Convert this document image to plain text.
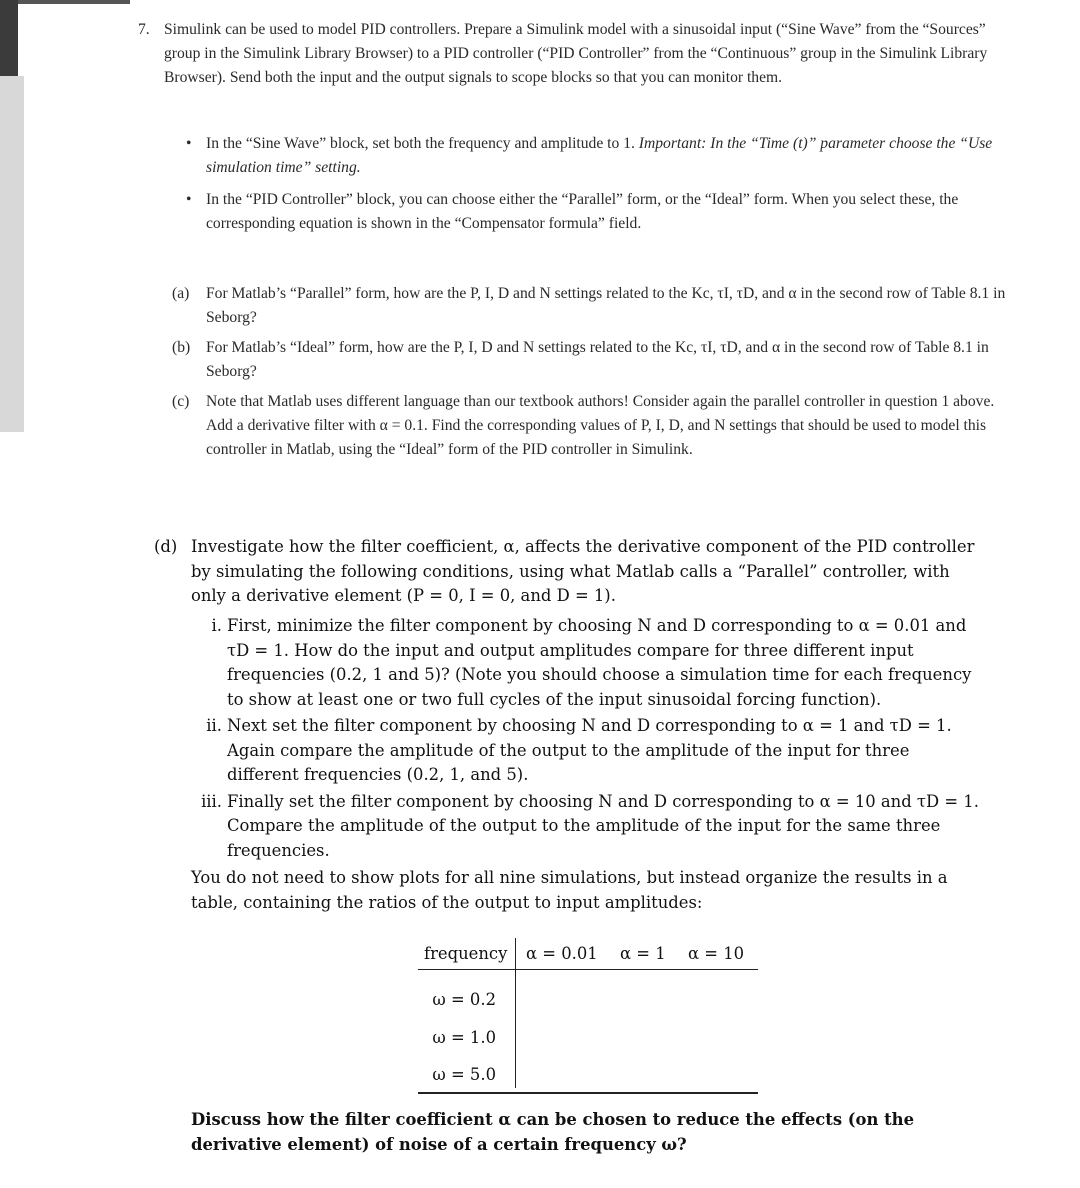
7. Simulink can be used to model PID controllers. Prepare a Simulink model with a sinusoidal input (“Sine Wave” from the “Sources” group in the Simulink Library Browser) to a PID controller (“PID Controller” from the “Continuous” group in the Simulink Library Browser). Send both the input and the output signals to scope blocks so that you can monitor them.
• In the “Sine Wave” block, set both the frequency and amplitude to 1. Important: In the “Time (t)” parameter choose the “Use simulation time” setting.
• In the “PID Controller” block, you can choose either the “Parallel” form, or the “Ideal” form. When you select these, the corresponding equation is shown in the “Compensator formula” field.
(a) For Matlab’s “Parallel” form, how are the P, I, D and N settings related to the Kc, τI, τD, and α in the second row of Table 8.1 in Seborg?
(b) For Matlab’s “Ideal” form, how are the P, I, D and N settings related to the Kc, τI, τD, and α in the second row of Table 8.1 in Seborg?
(c) Note that Matlab uses different language than our textbook authors! Consider again the parallel controller in question 1 above. Add a derivative filter with α = 0.1. Find the corresponding values of P, I, D, and N settings that should be used to model this controller in Matlab, using the “Ideal” form of the PID controller in Simulink.
(d) Investigate how the filter coefficient, α, affects the derivative component of the PID controller by simulating the following conditions, using what Matlab calls a “Parallel” controller, with only a derivative element (P = 0, I = 0, and D = 1).
i. First, minimize the filter component by choosing N and D corresponding to α = 0.01 and τD = 1. How do the input and output amplitudes compare for three different input frequencies (0.2, 1 and 5)? (Note you should choose a simulation time for each frequency to show at least one or two full cycles of the input sinusoidal forcing function).
ii. Next set the filter component by choosing N and D corresponding to α = 1 and τD = 1. Again compare the amplitude of the output to the amplitude of the input for three different frequencies (0.2, 1, and 5).
iii. Finally set the filter component by choosing N and D corresponding to α = 10 and τD = 1. Compare the amplitude of the output to the amplitude of the input for the same three frequencies.
You do not need to show plots for all nine simulations, but instead organize the results in a table, containing the ratios of the output to input amplitudes:
frequency α = 0.01 α = 1 α = 10
ω = 0.2
ω = 1.0
ω = 5.0
Discuss how the filter coefficient α can be chosen to reduce the effects (on the derivative element) of noise of a certain frequency ω?
